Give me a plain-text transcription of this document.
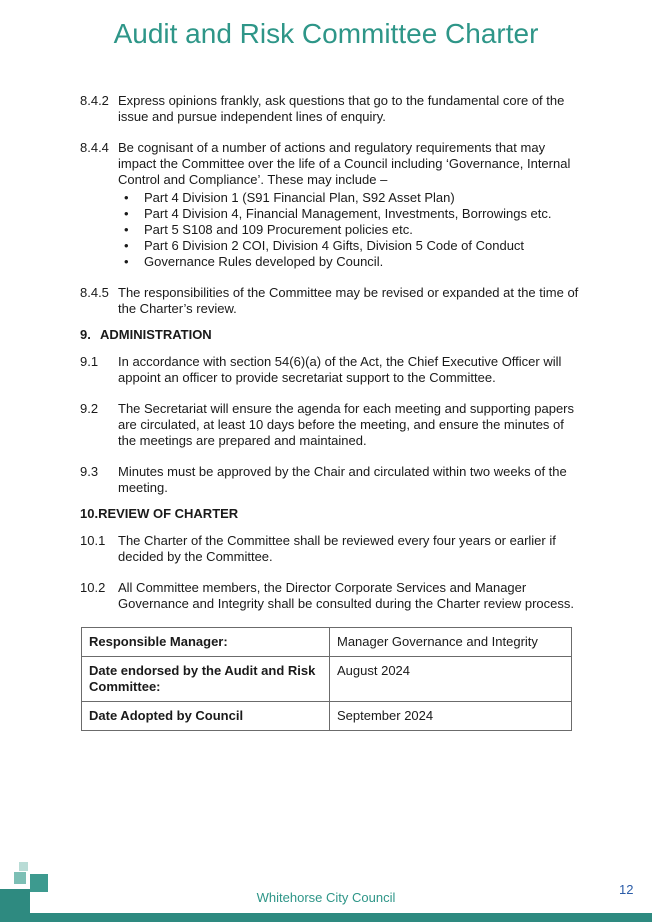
Audit and Risk Committee Charter
8.4.2 Express opinions frankly, ask questions that go to the fundamental core of the issue and pursue independent lines of enquiry.
8.4.4 Be cognisant of a number of actions and regulatory requirements that may impact the Committee over the life of a Council including ‘Governance, Internal Control and Compliance’. These may include –
• Part 4 Division 1 (S91 Financial Plan, S92 Asset Plan)
• Part 4 Division 4, Financial Management, Investments, Borrowings etc.
• Part 5 S108 and 109 Procurement policies etc.
• Part 6 Division 2 COI, Division 4 Gifts, Division 5 Code of Conduct
• Governance Rules developed by Council.
8.4.5 The responsibilities of the Committee may be revised or expanded at the time of the Charter’s review.
9. ADMINISTRATION
9.1	In accordance with section 54(6)(a) of the Act, the Chief Executive Officer will appoint an officer to provide secretariat support to the Committee.
9.2	The Secretariat will ensure the agenda for each meeting and supporting papers are circulated, at least 10 days before the meeting, and ensure the minutes of the meetings are prepared and maintained.
9.3	Minutes must be approved by the Chair and circulated within two weeks of the meeting.
10. REVIEW OF CHARTER
10.1 The Charter of the Committee shall be reviewed every four years or earlier if decided by the Committee.
10.2 All Committee members, the Director Corporate Services and Manager Governance and Integrity shall be consulted during the Charter review process.
Responsible Manager:	Manager Governance and Integrity
Date endorsed by the Audit and Risk Committee:	August 2024
Date Adopted by Council	September 2024
Whitehorse City Council
12
